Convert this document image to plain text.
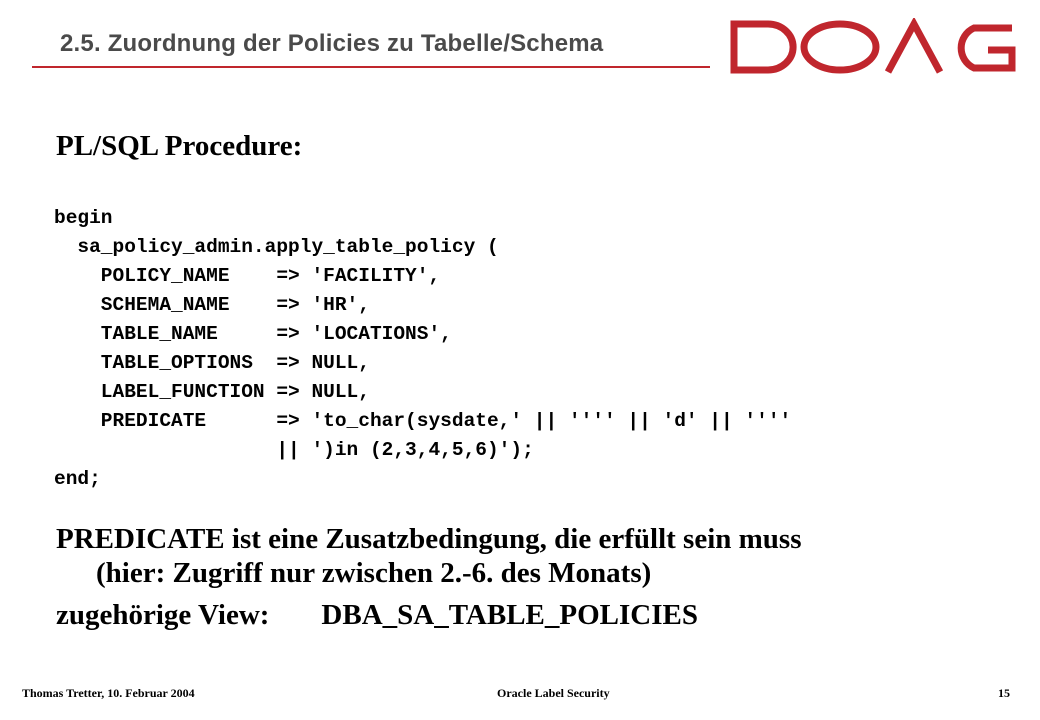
2.5. Zuordnung der Policies zu Tabelle/Schema
PL/SQL Procedure:
begin
sa_policy_admin.apply_table_policy (
POLICY_NAME    => 'FACILITY',
SCHEMA_NAME    => 'HR',
TABLE_NAME     => 'LOCATIONS',
TABLE_OPTIONS  => NULL,
LABEL_FUNCTION => NULL,
PREDICATE      => 'to_char(sysdate,' || '''' || 'd' || ''''
|| ')in (2,3,4,5,6)');
end;
PREDICATE ist eine Zusatzbedingung, die erfüllt sein muss
(hier: Zugriff nur zwischen 2.-6. des Monats)
zugehörige View: DBA_SA_TABLE_POLICIES
Thomas Tretter, 10. Februar 2004	Oracle Label Security	15
